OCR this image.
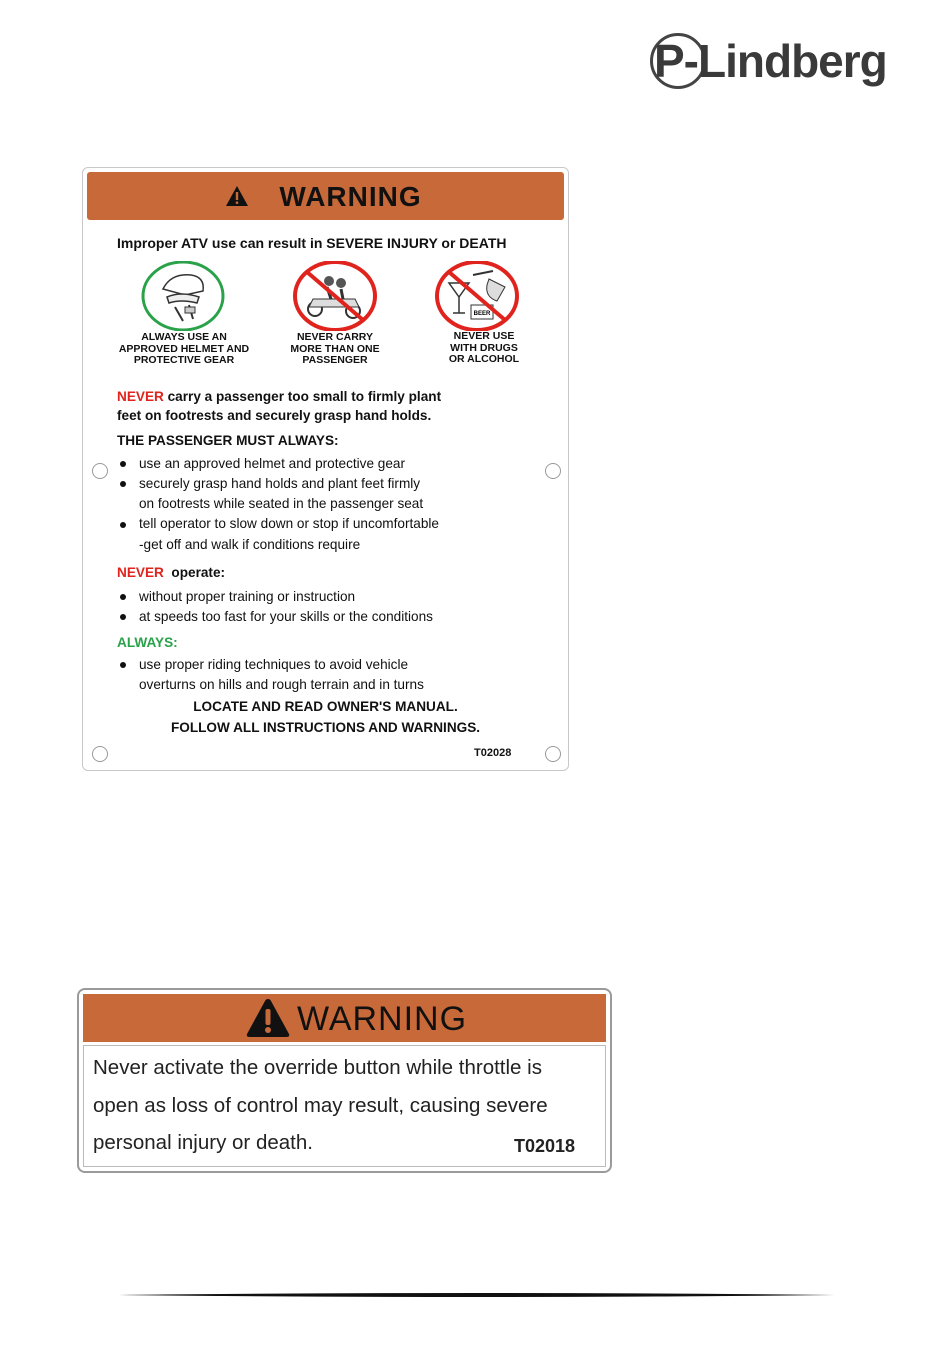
P-Lindberg
WARNING
Improper ATV use can result in SEVERE INJURY or DEATH
BEER
ALWAYS USE AN
APPROVED HELMET AND
PROTECTIVE GEAR
NEVER CARRY
MORE THAN ONE
PASSENGER
NEVER USE
WITH DRUGS
OR ALCOHOL
NEVER carry a passenger too small to firmly plant
feet on footrests and securely grasp hand holds.
THE PASSENGER MUST ALWAYS:
use an approved helmet and protective gear
securely grasp hand holds and plant feet firmly
on footrests while seated in the passenger seat
tell operator to slow down or stop if uncomfortable
-get off and walk if conditions require
NEVER operate:
without proper training or instruction
at speeds too fast for your skills or the conditions
ALWAYS:
use proper riding techniques to avoid vehicle
overturns on hills and rough terrain and in turns
LOCATE AND READ OWNER'S MANUAL.
FOLLOW ALL INSTRUCTIONS AND WARNINGS.
T02028
WARNING
Never activate the override button while throttle is
open as loss of control may result, causing severe
personal injury or death.	T02018
